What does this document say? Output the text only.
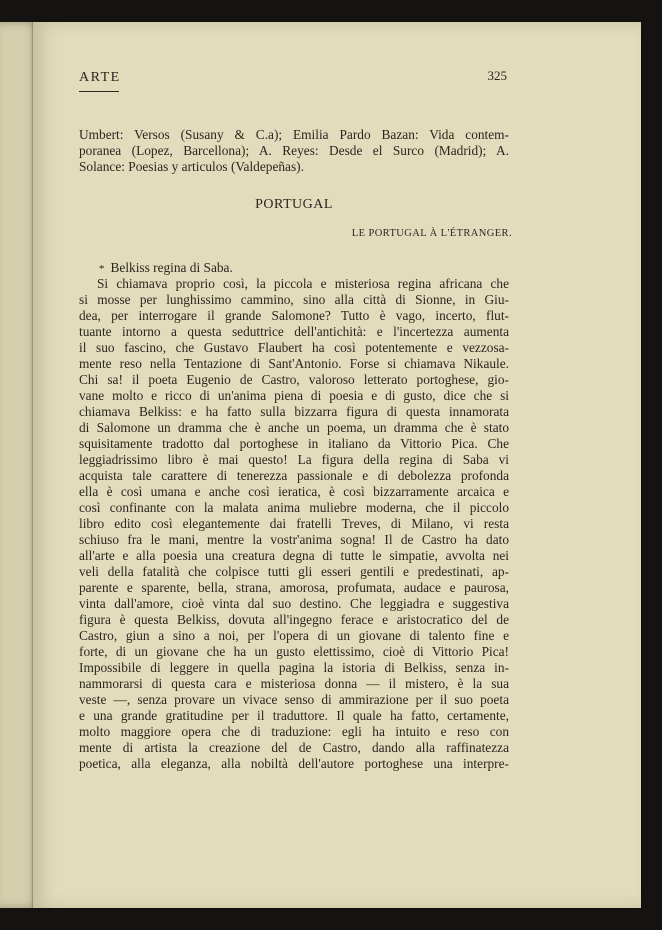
ARTE	325
Umbert: Versos (Susany & C.a); Emilia Pardo Bazan: Vida contem-
poranea (Lopez, Barcellona); A. Reyes: Desde el Surco (Madrid); A.
Solance: Poesias y articulos (Valdepeñas).
PORTUGAL
LE PORTUGAL À L'ÉTRANGER.
* Belkiss regina di Saba.
Si chiamava proprio così, la piccola e misteriosa regina africana che
si mosse per lunghissimo cammino, sino alla città di Sionne, in Giu-
dea, per interrogare il grande Salomone? Tutto è vago, incerto, flut-
tuante intorno a questa seduttrice dell'antichità: e l'incertezza aumenta
il suo fascino, che Gustavo Flaubert ha così potentemente e vezzosa-
mente reso nella Tentazione di Sant'Antonio. Forse si chiamava Nikaule.
Chi sa! il poeta Eugenio de Castro, valoroso letterato portoghese, gio-
vane molto e ricco di un'anima piena di poesia e di gusto, dice che si
chiamava Belkiss: e ha fatto sulla bizzarra figura di questa innamorata
di Salomone un dramma che è anche un poema, un dramma che è stato
squisitamente tradotto dal portoghese in italiano da Vittorio Pica. Che
leggiadrissimo libro è mai questo! La figura della regina di Saba vi
acquista tale carattere di tenerezza passionale e di debolezza profonda
ella è così umana e anche così ieratica, è così bizzarramente arcaica e
così confinante con la malata anima muliebre moderna, che il piccolo
libro edito così elegantemente dai fratelli Treves, di Milano, vi resta
schiuso fra le mani, mentre la vostr'anima sogna! Il de Castro ha dato
all'arte e alla poesia una creatura degna di tutte le simpatie, avvolta nei
veli della fatalità che colpisce tutti gli esseri gentili e predestinati, ap-
parente e sparente, bella, strana, amorosa, profumata, audace e paurosa,
vinta dall'amore, cioè vinta dal suo destino. Che leggiadra e suggestiva
figura è questa Belkiss, dovuta all'ingegno ferace e aristocratico del de
Castro, giun a sino a noi, per l'opera di un giovane di talento fine e
forte, di un giovane che ha un gusto elettissimo, cioè di Vittorio Pica!
Impossibile di leggere in quella pagina la istoria di Belkiss, senza in-
nammorarsi di questa cara e misteriosa donna — il mistero, è la sua
veste —, senza provare un vivace senso di ammirazione per il suo poeta
e una grande gratitudine per il traduttore. Il quale ha fatto, certamente,
molto maggiore opera che di traduzione: egli ha intuito e reso con
mente di artista la creazione del de Castro, dando alla raffinatezza
poetica, alla eleganza, alla nobiltà dell'autore portoghese una interpre-
